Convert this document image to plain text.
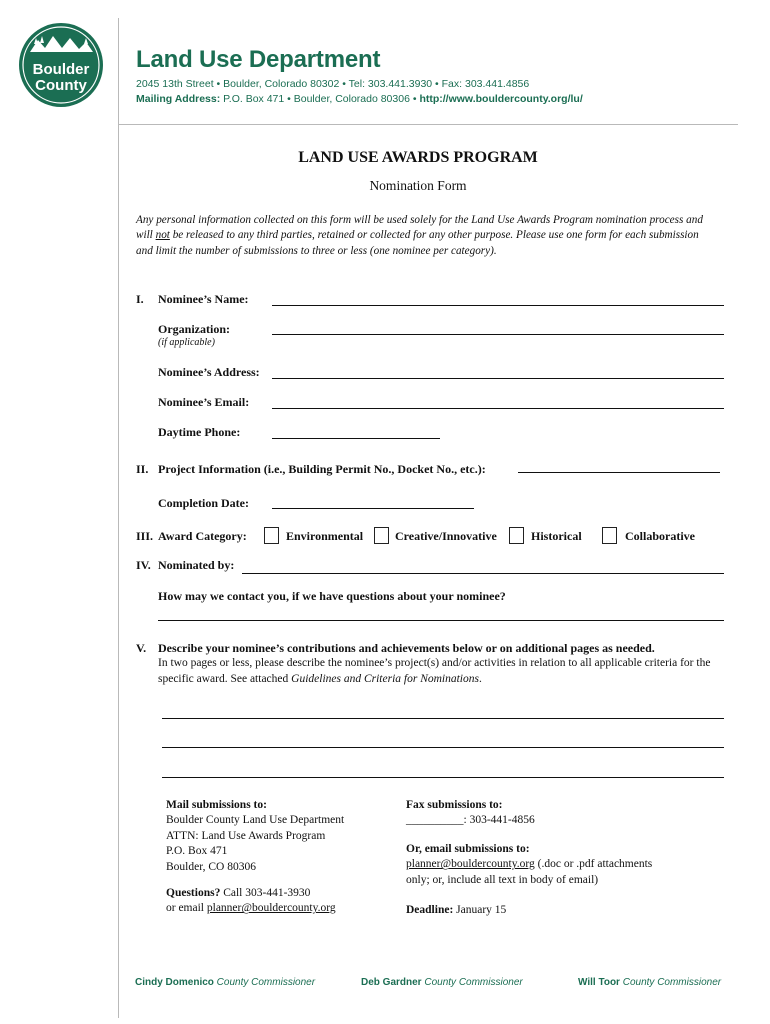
Boulder
County
Land Use Department
2045 13th Street • Boulder, Colorado 80302 • Tel: 303.441.3930 • Fax: 303.441.4856
Mailing Address: P.O. Box 471 • Boulder, Colorado 80306 • http://www.bouldercounty.org/lu/
LAND USE AWARDS PROGRAM
Nomination Form
Any personal information collected on this form will be used solely for the Land Use Awards Program nomination process and will not be released to any third parties, retained or collected for any other purpose. Please use one form for each submission and limit the number of submissions to three or less (one nominee per category).
I. Nominee’s Name:
Organization:
(if applicable)
Nominee’s Address:
Nominee’s Email:
Daytime Phone:
II. Project Information (i.e., Building Permit No., Docket No., etc.):
Completion Date:
III. Award Category:	Environmental	Creative/Innovative	Historical	Collaborative
IV. Nominated by:
How may we contact you, if we have questions about your nominee?
V. Describe your nominee’s contributions and achievements below or on additional pages as needed.
In two pages or less, please describe the nominee’s project(s) and/or activities in relation to all applicable criteria for the specific award. See attached Guidelines and Criteria for Nominations.
Mail submissions to:
Boulder County Land Use Department
ATTN: Land Use Awards Program
P.O. Box 471
Boulder, CO 80306
Questions? Call 303-441-3930
or email planner@bouldercounty.org
Fax submissions to:
__________: 303-441-4856
Or, email submissions to:
planner@bouldercounty.org (.doc or .pdf attachments
only; or, include all text in body of email)
Deadline: January 15
Cindy Domenico County Commissioner	Deb Gardner County Commissioner	Will Toor County Commissioner
